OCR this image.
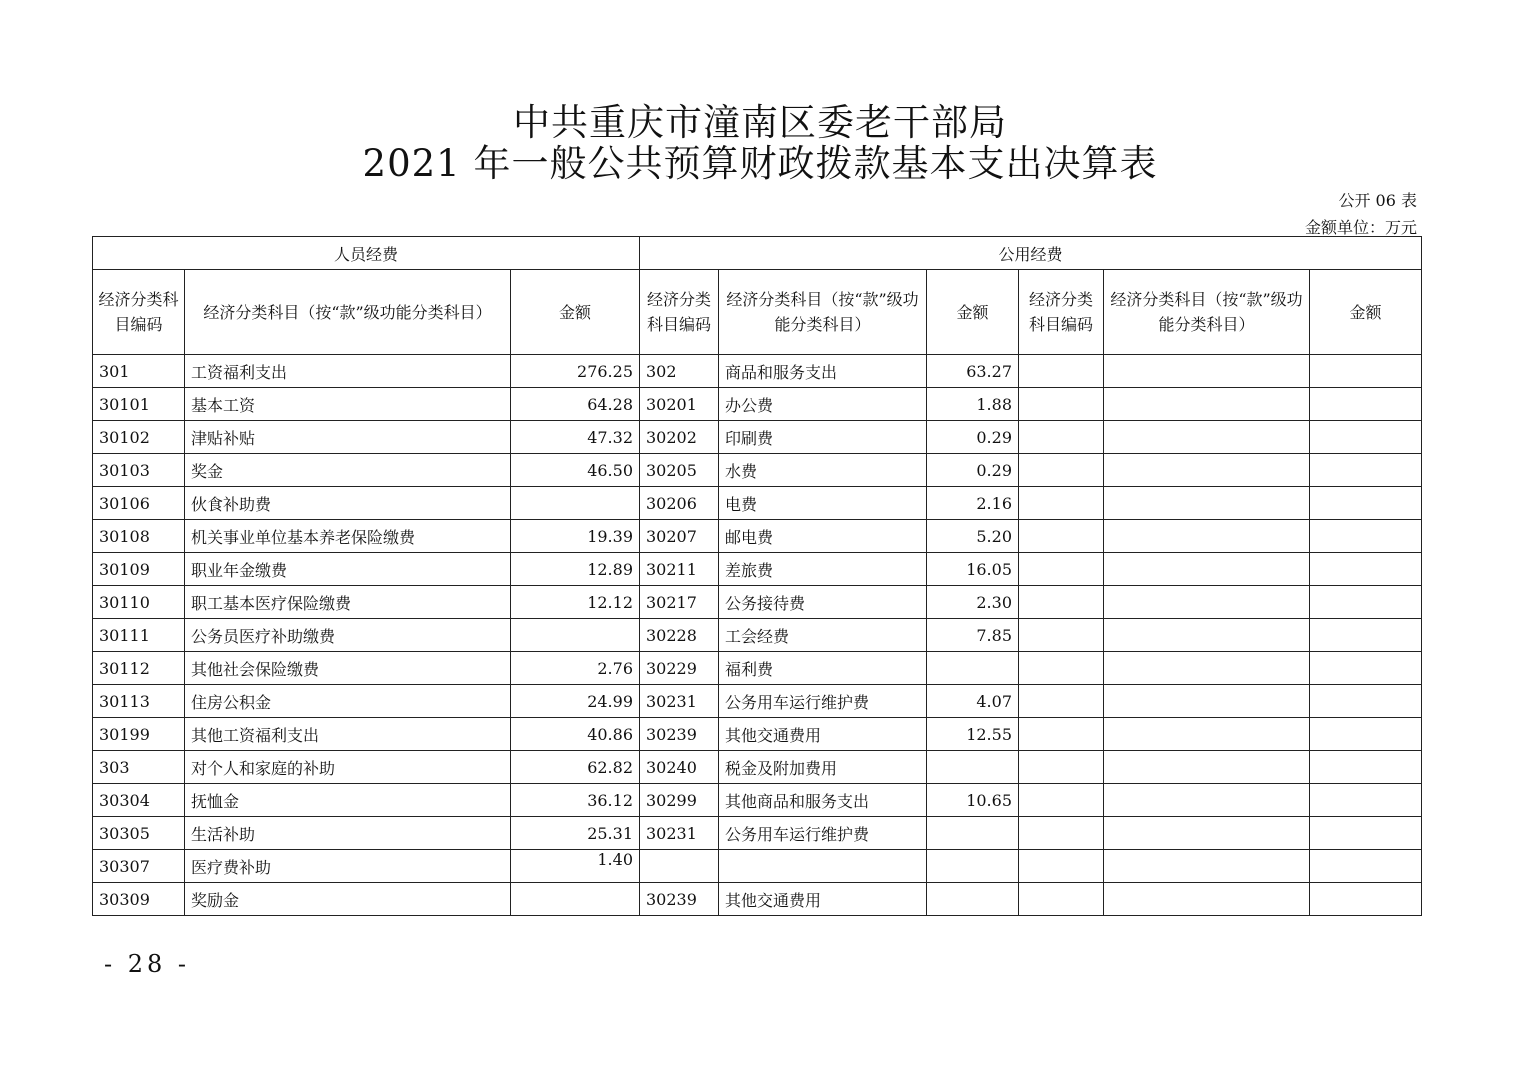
中共重庆市潼南区委老干部局
2021 年一般公共预算财政拨款基本支出决算表
公开 06 表
金额单位：万元
人员经费			公用经费					
经济分类科目编码	经济分类科目（按“款”级功能分类科目）	金额	经济分类科目编码	经济分类科目（按“款”级功能分类科目）	金额	经济分类科目编码	经济分类科目（按“款”级功能分类科目）	金额
301	工资福利支出	276.25	302	商品和服务支出	63.27			
30101	基本工资	64.28	30201	办公费	1.88			
30102	津贴补贴	47.32	30202	印刷费	0.29			
30103	奖金	46.50	30205	水费	0.29			
30106	伙食补助费		30206	电费	2.16			
30108	机关事业单位基本养老保险缴费	19.39	30207	邮电费	5.20			
30109	职业年金缴费	12.89	30211	差旅费	16.05			
30110	职工基本医疗保险缴费	12.12	30217	公务接待费	2.30			
30111	公务员医疗补助缴费		30228	工会经费	7.85			
30112	其他社会保险缴费	2.76	30229	福利费				
30113	住房公积金	24.99	30231	公务用车运行维护费	4.07			
30199	其他工资福利支出	40.86	30239	其他交通费用	12.55			
303	对个人和家庭的补助	62.82	30240	税金及附加费用				
30304	抚恤金	36.12	30299	其他商品和服务支出	10.65			
30305	生活补助	25.31	30231	公务用车运行维护费				
30307	医疗费补助	1.40						
30309	奖励金		30239	其他交通费用				
- 28 -
